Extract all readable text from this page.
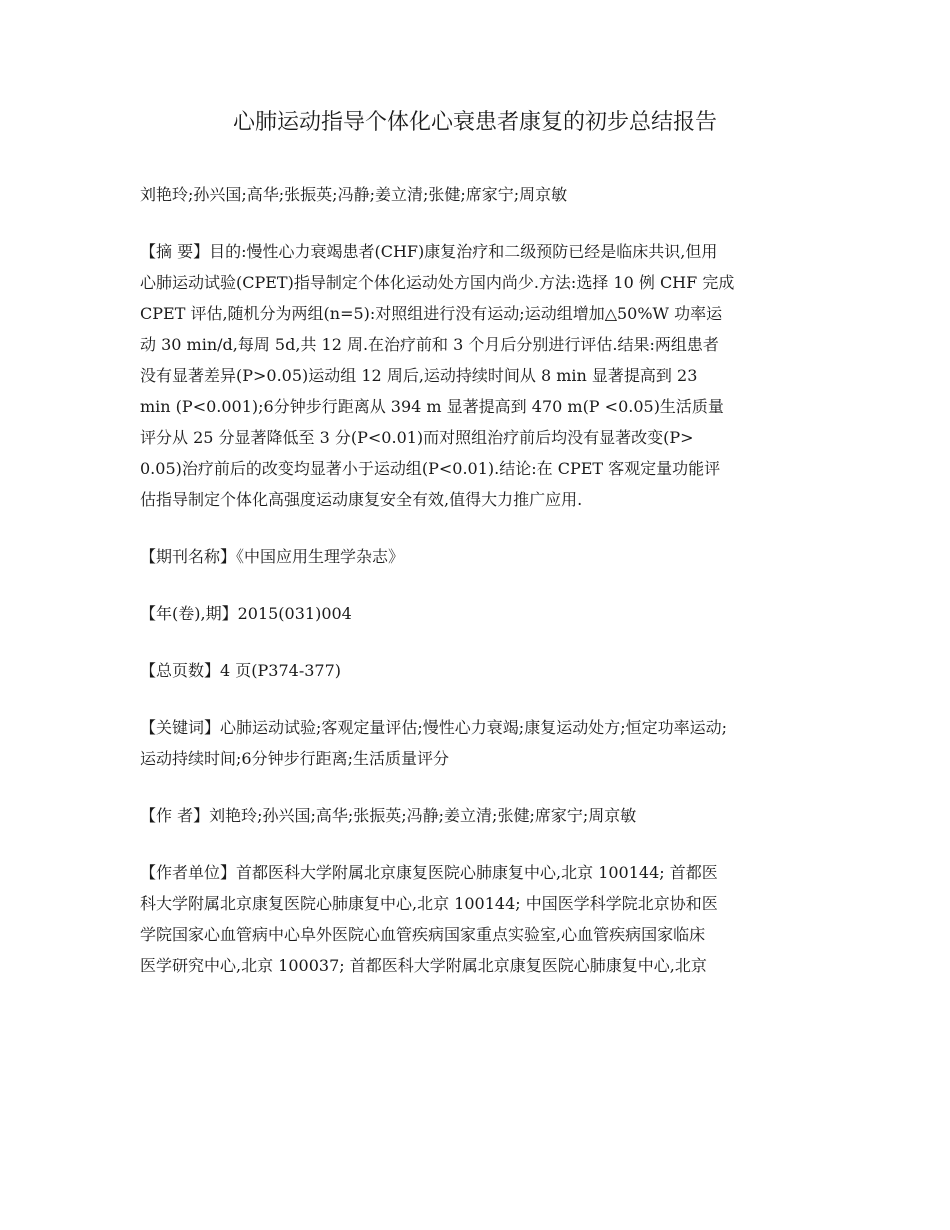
心肺运动指导个体化心衰患者康复的初步总结报告

刘艳玲;孙兴国;高华;张振英;冯静;姜立清;张健;席家宁;周京敏

【摘 要】目的:慢性心力衰竭患者(CHF)康复治疗和二级预防已经是临床共识,但用
心肺运动试验(CPET)指导制定个体化运动处方国内尚少.方法:选择 10 例 CHF 完成
CPET 评估,随机分为两组(n=5):对照组进行没有运动;运动组增加△50%W 功率运
动 30 min/d,每周 5d,共 12 周.在治疗前和 3 个月后分别进行评估.结果:两组患者
没有显著差异(P>0.05)运动组 12 周后,运动持续时间从 8 min 显著提高到 23
min (P<0.001);6分钟步行距离从 394 m 显著提高到 470 m(P <0.05)生活质量
评分从 25 分显著降低至 3 分(P<0.01)而对照组治疗前后均没有显著改变(P>
0.05)治疗前后的改变均显著小于运动组(P<0.01).结论:在 CPET 客观定量功能评
估指导制定个体化高强度运动康复安全有效,值得大力推广应用.

【期刊名称】《中国应用生理学杂志》

【年(卷),期】2015(031)004

【总页数】4 页(P374-377)

【关键词】心肺运动试验;客观定量评估;慢性心力衰竭;康复运动处方;恒定功率运动;
运动持续时间;6分钟步行距离;生活质量评分

【作 者】刘艳玲;孙兴国;高华;张振英;冯静;姜立清;张健;席家宁;周京敏

【作者单位】首都医科大学附属北京康复医院心肺康复中心,北京 100144; 首都医
科大学附属北京康复医院心肺康复中心,北京 100144; 中国医学科学院北京协和医
学院国家心血管病中心阜外医院心血管疾病国家重点实验室,心血管疾病国家临床
医学研究中心,北京 100037; 首都医科大学附属北京康复医院心肺康复中心,北京
